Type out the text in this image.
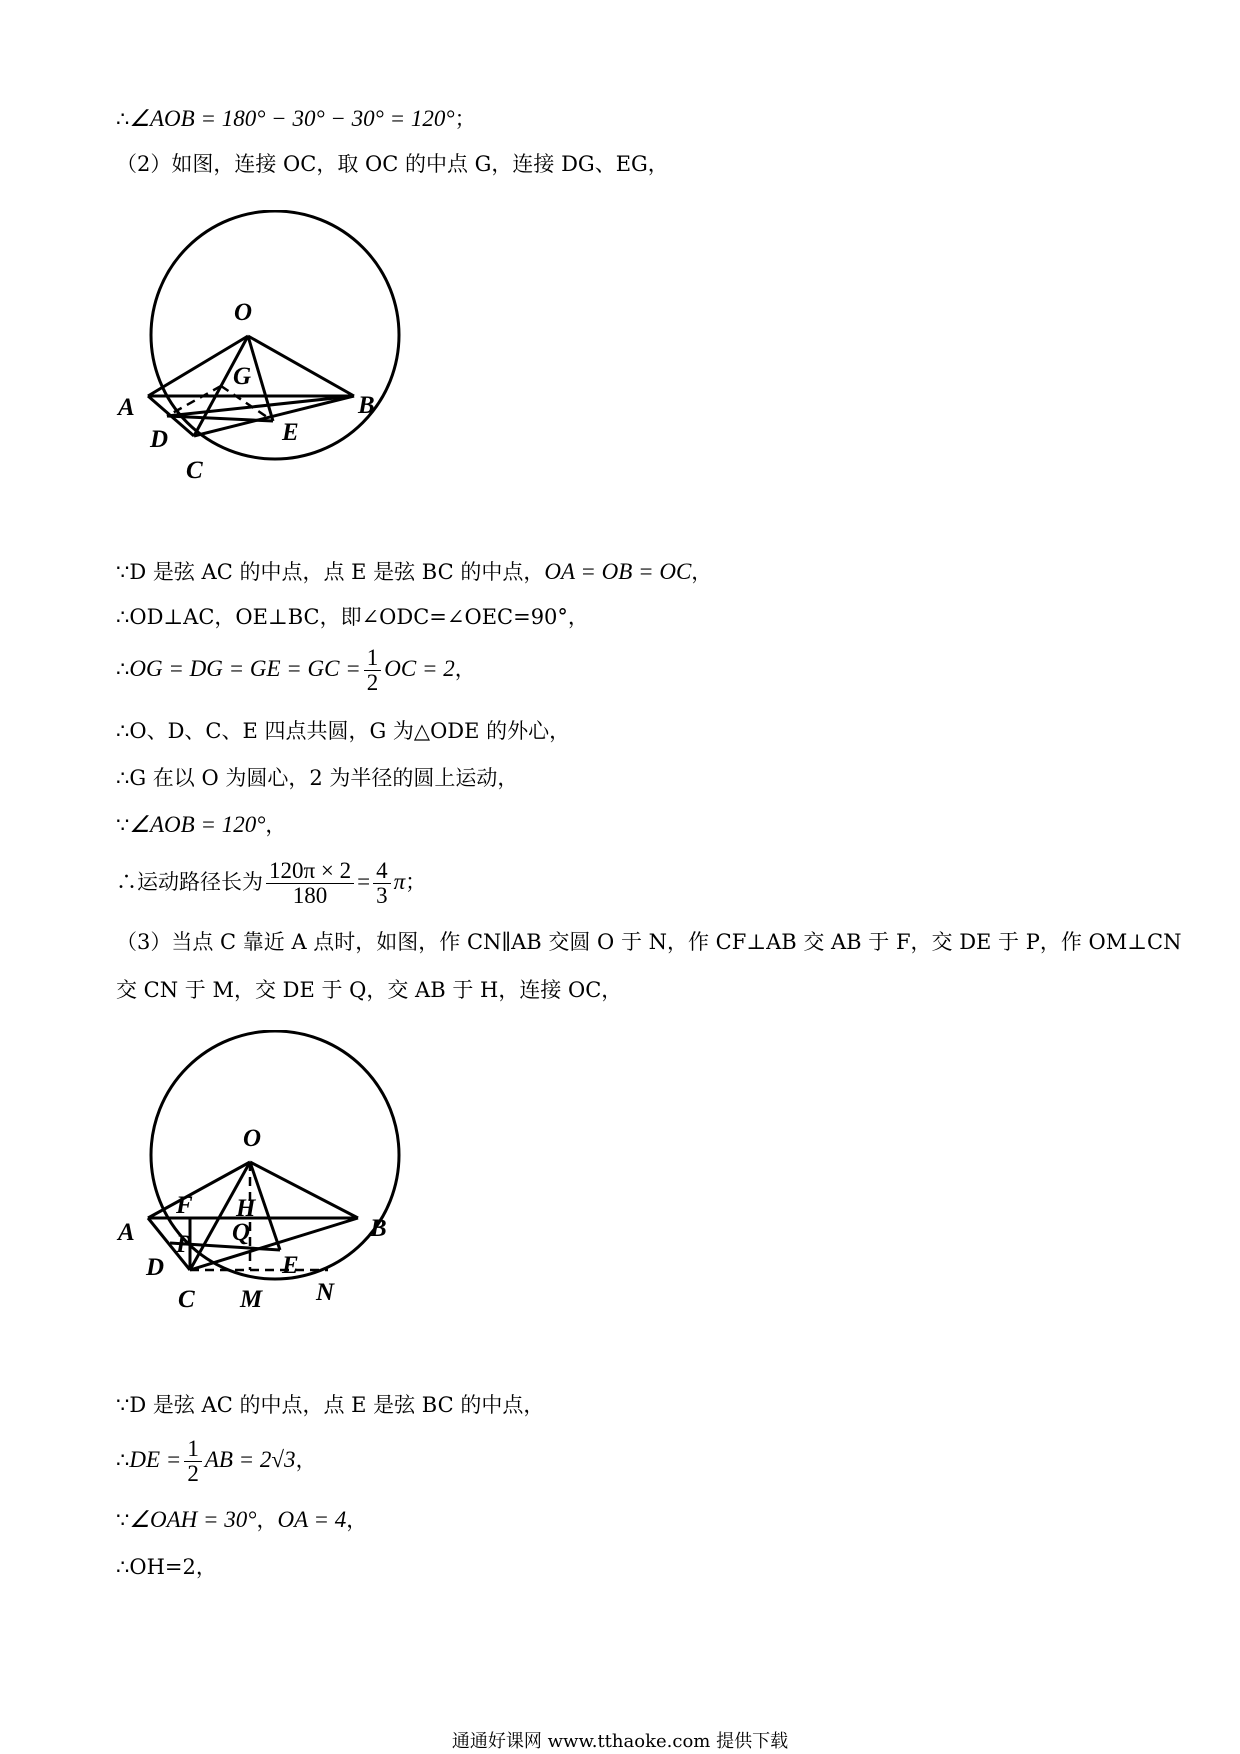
∴∠AOB = 180° − 30° − 30° = 120°；
（2）如图，连接 OC，取 OC 的中点 G，连接 DG、EG，
O
G
A	B
D	E
C
∵D 是弦 AC 的中点，点 E 是弦 BC 的中点，OA = OB = OC，
∴OD⊥AC，OE⊥BC，即∠ODC=∠OEC=90°，
∴OG = DG = GE = GC = $\frac{1}{2}$ OC = 2，
∴O、D、C、E 四点共圆，G 为△ODE 的外心，
∴G 在以 O 为圆心，2 为半径的圆上运动，
∵∠AOB = 120°，
∴运动路径长为 $\frac{120\pi \times 2}{180} = \frac{4}{3}$ π；
（3）当点 C 靠近 A 点时，如图，作 CN∥AB 交圆 O 于 N，作 CF⊥AB 交 AB 于 F，交 DE 于 P，作 OM⊥CN
交 CN 于 M，交 DE 于 Q，交 AB 于 H，连接 OC，
O
F H
Q
A	B
P
D	E
C M N
∵D 是弦 AC 的中点，点 E 是弦 BC 的中点，
∴DE = $\frac{1}{2}$ AB = 2√3，
∵∠OAH = 30°，OA = 4，
∴OH=2，
通通好课网 www.tthaoke.com 提供下载
